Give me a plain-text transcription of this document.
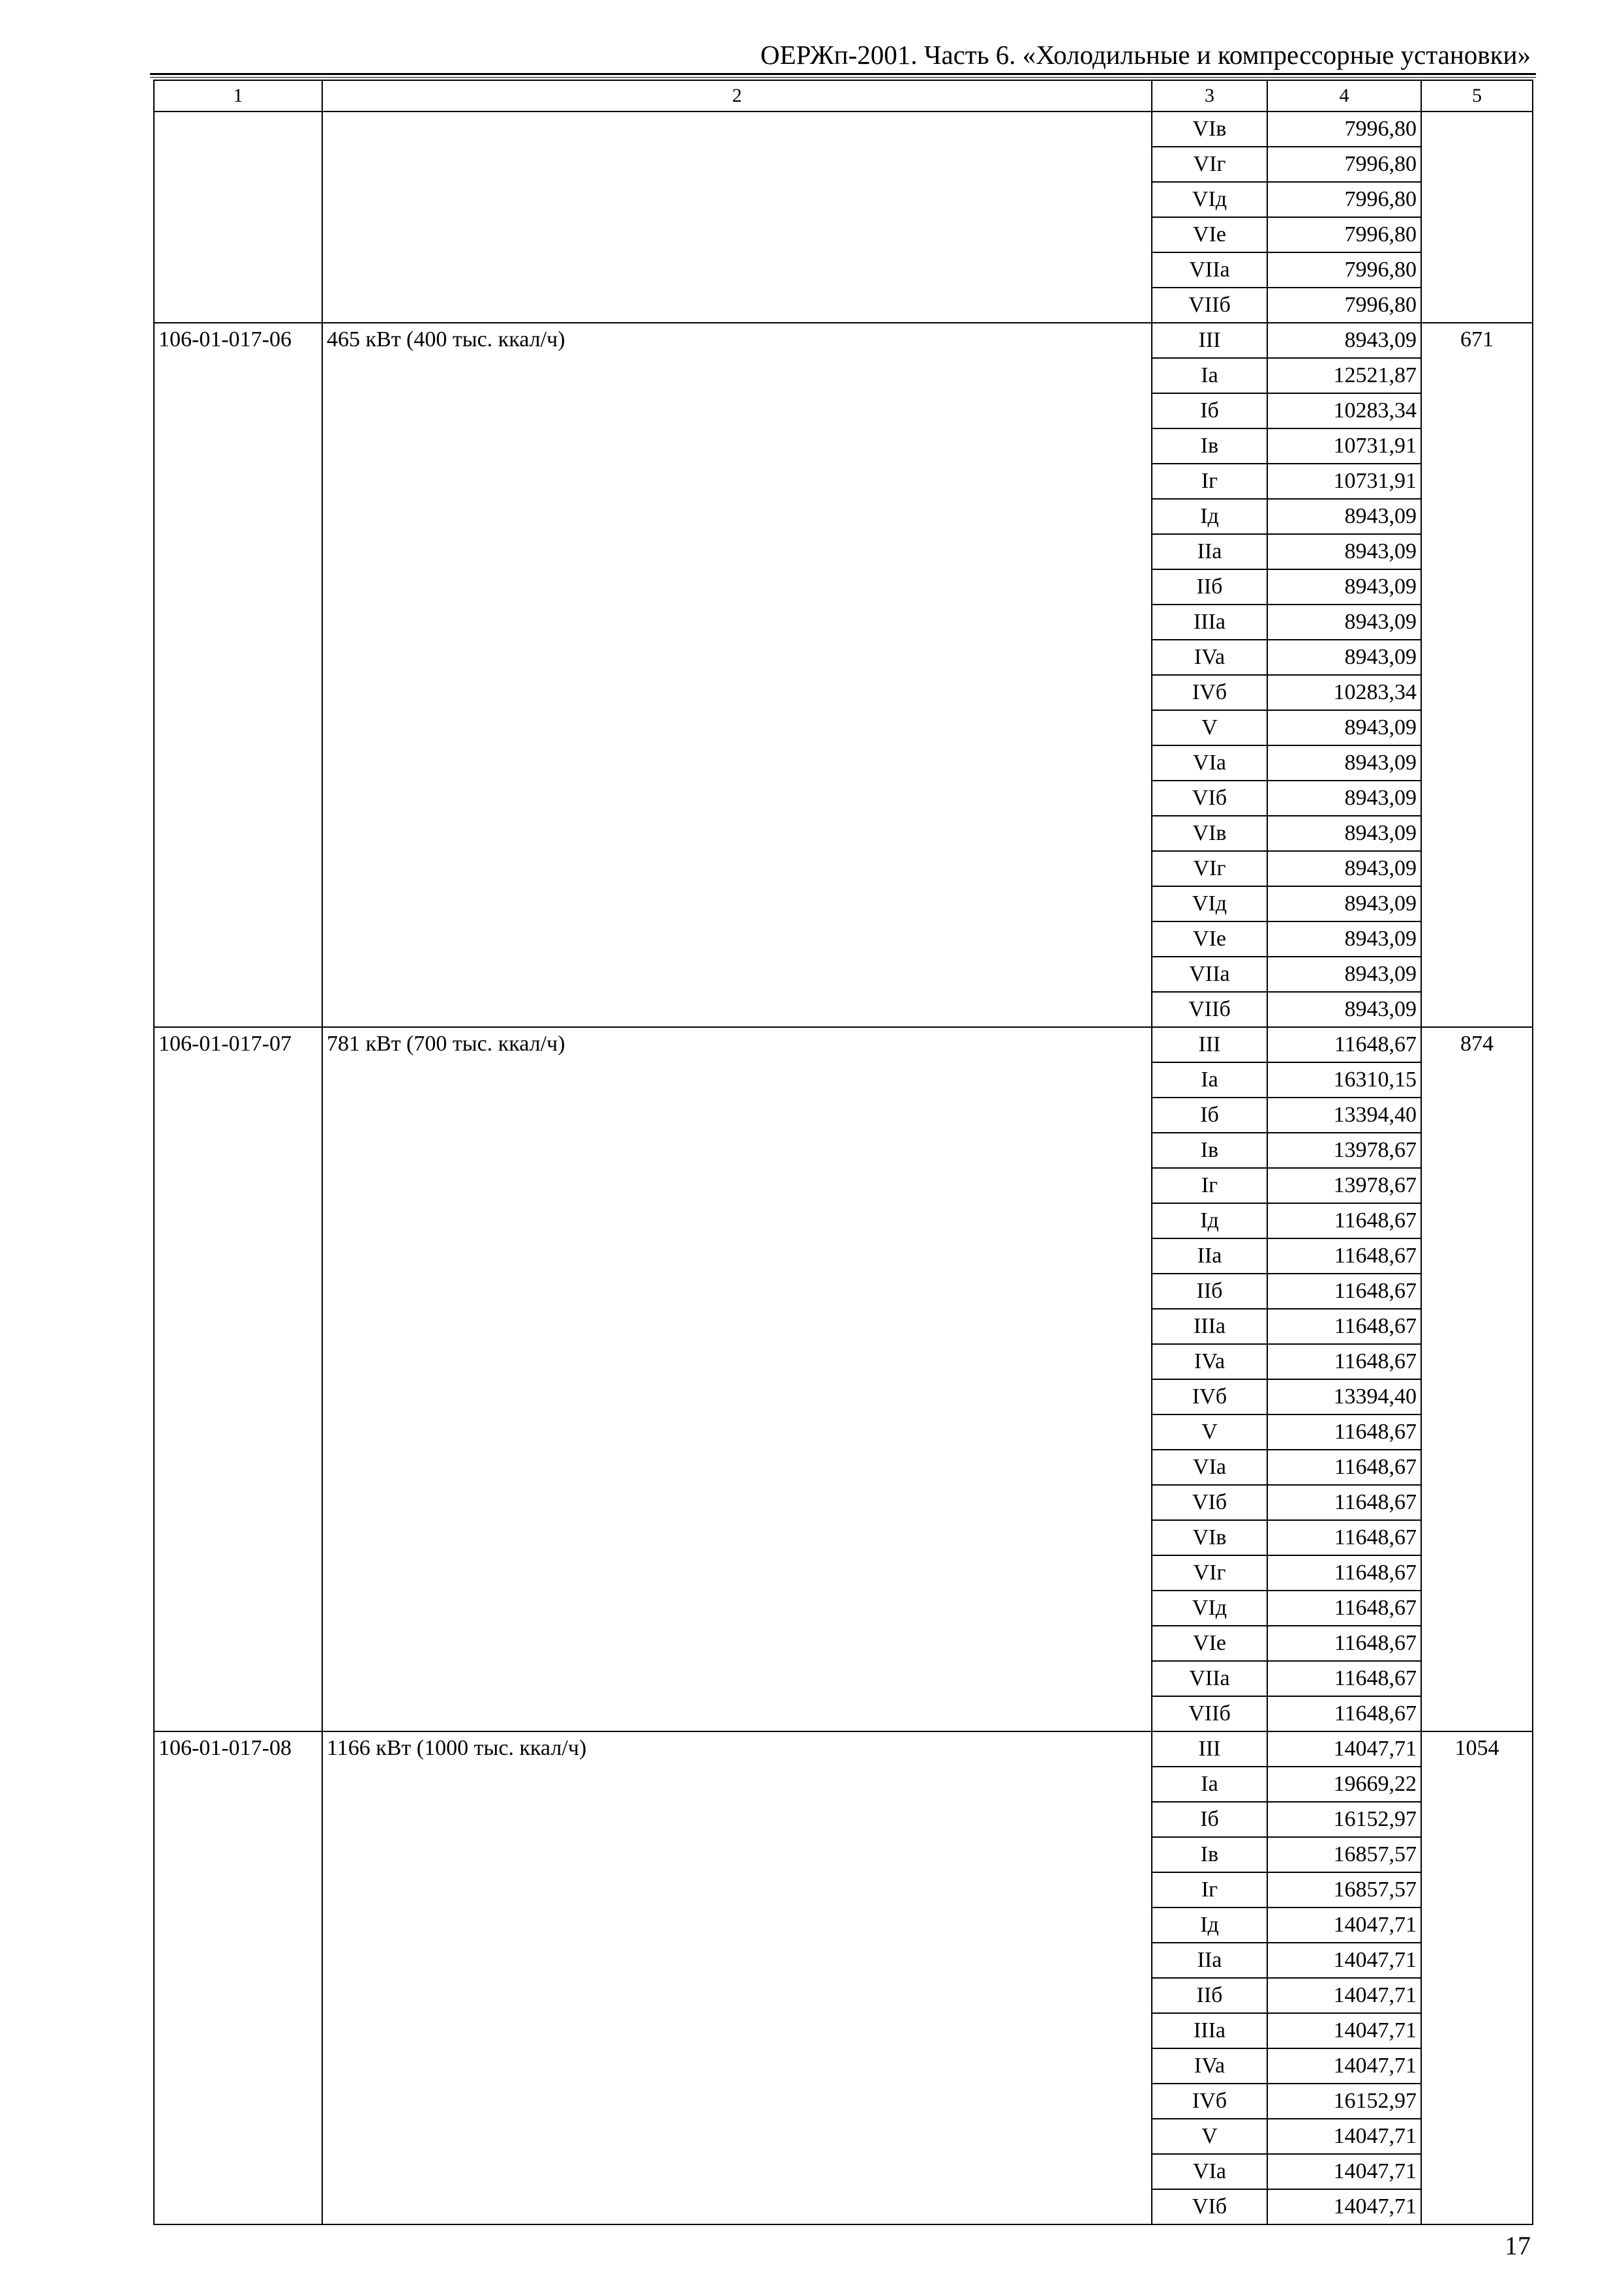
ОЕРЖп-2001. Часть 6. «Холодильные и компрессорные установки»
1	2	3	4	5
		VIв	7996,80	
		VIг	7996,80	
		VIд	7996,80	
		VIе	7996,80	
		VIIa	7996,80	
		VIIб	7996,80	
106-01-017-06	465 кВт (400 тыс. ккал/ч)	III	8943,09	671
		Ia	12521,87	
		Iб	10283,34	
		Iв	10731,91	
		Iг	10731,91	
		Iд	8943,09	
		IIa	8943,09	
		IIб	8943,09	
		IIIa	8943,09	
		IVa	8943,09	
		IVб	10283,34	
		V	8943,09	
		VIa	8943,09	
		VIб	8943,09	
		VIв	8943,09	
		VIг	8943,09	
		VIд	8943,09	
		VIе	8943,09	
		VIIa	8943,09	
		VIIб	8943,09	
106-01-017-07	781 кВт (700 тыс. ккал/ч)	III	11648,67	874
		Ia	16310,15	
		Iб	13394,40	
		Iв	13978,67	
		Iг	13978,67	
		Iд	11648,67	
		IIa	11648,67	
		IIб	11648,67	
		IIIa	11648,67	
		IVa	11648,67	
		IVб	13394,40	
		V	11648,67	
		VIa	11648,67	
		VIб	11648,67	
		VIв	11648,67	
		VIг	11648,67	
		VIд	11648,67	
		VIе	11648,67	
		VIIa	11648,67	
		VIIб	11648,67	
106-01-017-08	1166 кВт (1000 тыс. ккал/ч)	III	14047,71	1054
		Ia	19669,22	
		Iб	16152,97	
		Iв	16857,57	
		Iг	16857,57	
		Iд	14047,71	
		IIa	14047,71	
		IIб	14047,71	
		IIIa	14047,71	
		IVa	14047,71	
		IVб	16152,97	
		V	14047,71	
		VIa	14047,71	
		VIб	14047,71	
17
